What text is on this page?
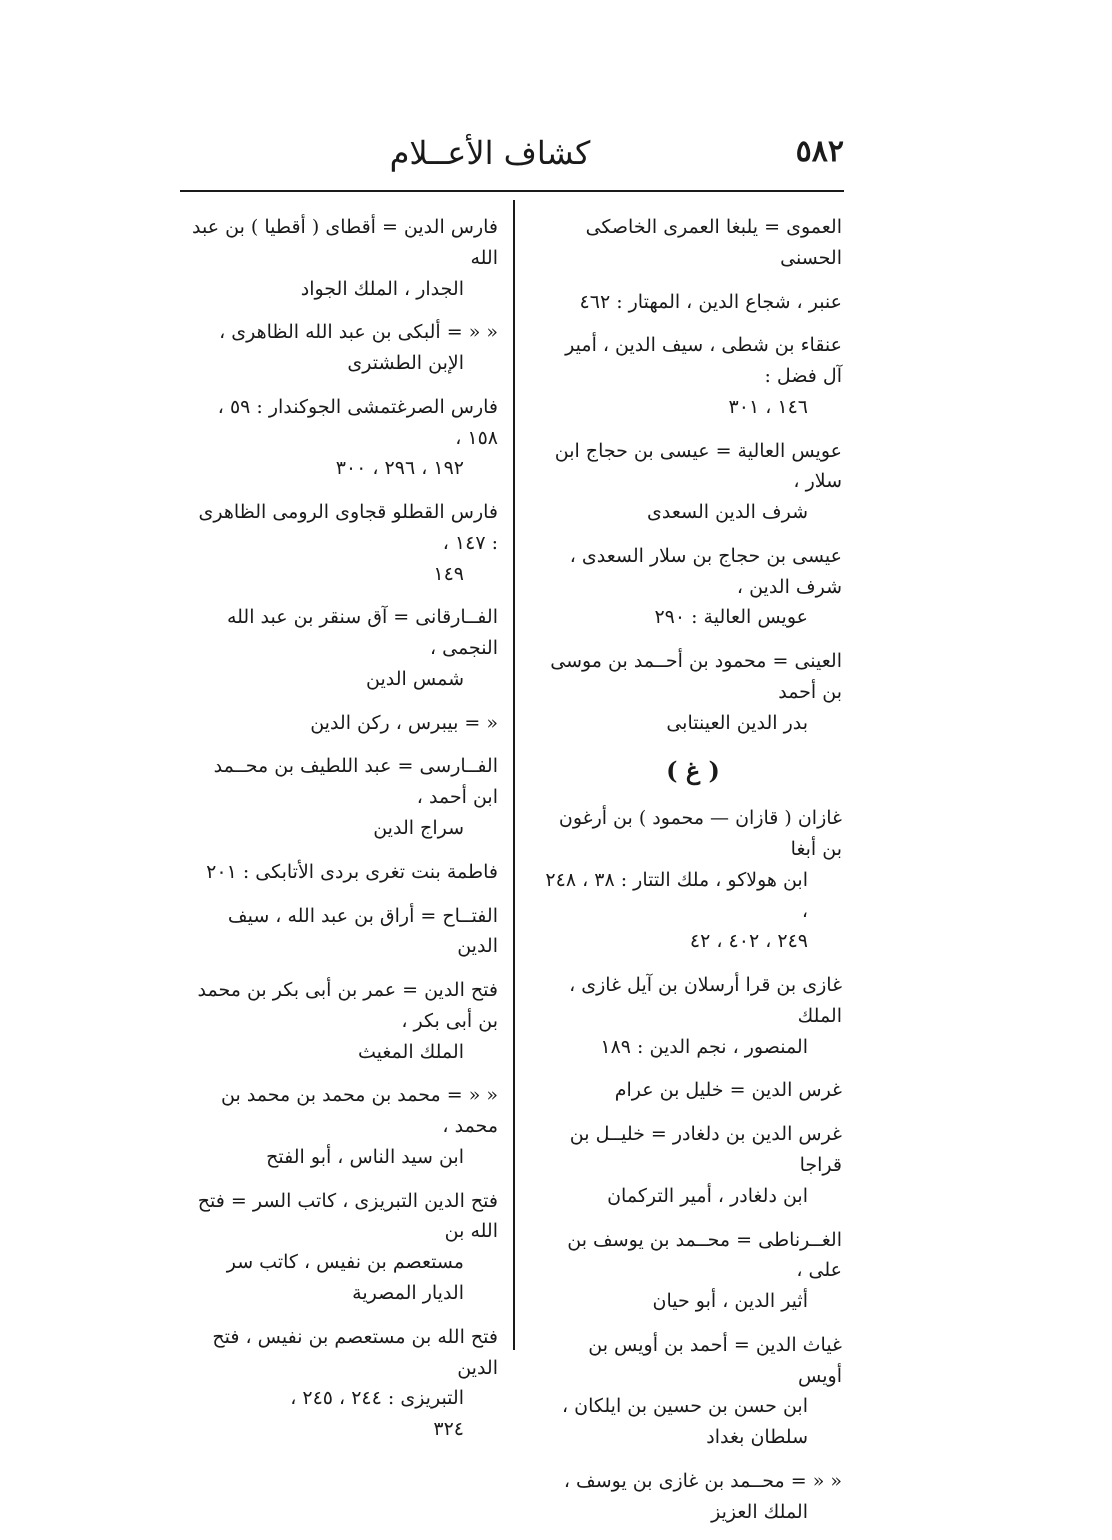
٥٨٢
كشاف الأعــلام
العموى = يلبغا العمرى الخاصكى الحسنى
عنبر ، شجاع الدين ، المهتار : ٤٦٢
عنقاء بن شطى ، سيف الدين ، أمير آل فضل :
١٤٦ ، ٣٠١
عويس العالية = عيسى بن حجاج ابن سلار ،
شرف الدين السعدى
عيسى بن حجاج بن سلار السعدى ، شرف الدين ،
عويس العالية : ٢٩٠
العينى = محمود بن أحــمد بن موسى بن أحمد
بدر الدين العينتابى
( غ )
غازان ( قازان — محمود ) بن أرغون بن أبغا
ابن هولاكو ، ملك التتار : ٣٨ ، ٢٤٨ ،
٢٤٩ ، ٤٠٢ ، ٤٢
غازى بن قرا أرسلان بن آيل غازى ، الملك
المنصور ، نجم الدين : ١٨٩
غرس الدين = خليل بن عرام
غرس الدين بن دلغادر = خليــل بن قراجا
ابن دلغادر ، أمير التركمان
الغــرناطى = محــمد بن يوسف بن على ،
أثير الدين ، أبو حيان
غياث الدين = أحمد بن أويس بن أويس
ابن حسن بن حسين بن ايلكان ،
سلطان بغداد
« « = محــمد بن غازى بن يوسف ،
الملك العزيز
فارس الدين = أقطاى ( أقطيا ) بن عبد الله
الجدار ، الملك الجواد
« « = ألبكى بن عبد الله الظاهرى ،
الإبن الطشترى
فارس الصرغتمشى الجوكندار : ٥٩ ، ١٥٨ ،
١٩٢ ، ٢٩٦ ، ٣٠٠
فارس القطلو قجاوى الرومى الظاهرى : ١٤٧ ،
١٤٩
الفــارقانى = آق سنقر بن عبد الله النجمى ،
شمس الدين
« = بيبرس ، ركن الدين
الفــارسى = عبد اللطيف بن محــمد ابن أحمد ،
سراج الدين
فاطمة بنت تغرى بردى الأتابكى : ٢٠١
الفتــاح = أراق بن عبد الله ، سيف الدين
فتح الدين = عمر بن أبى بكر بن محمد بن أبى بكر ،
الملك المغيث
« « = محمد بن محمد بن محمد بن محمد ،
ابن سيد الناس ، أبو الفتح
فتح الدين التبريزى ، كاتب السر = فتح الله بن
مستعصم بن نفيس ، كاتب سر
الديار المصرية
فتح الله بن مستعصم بن نفيس ، فتح الدين
التبريزى : ٢٤٤ ، ٢٤٥ ،
٣٢٤
